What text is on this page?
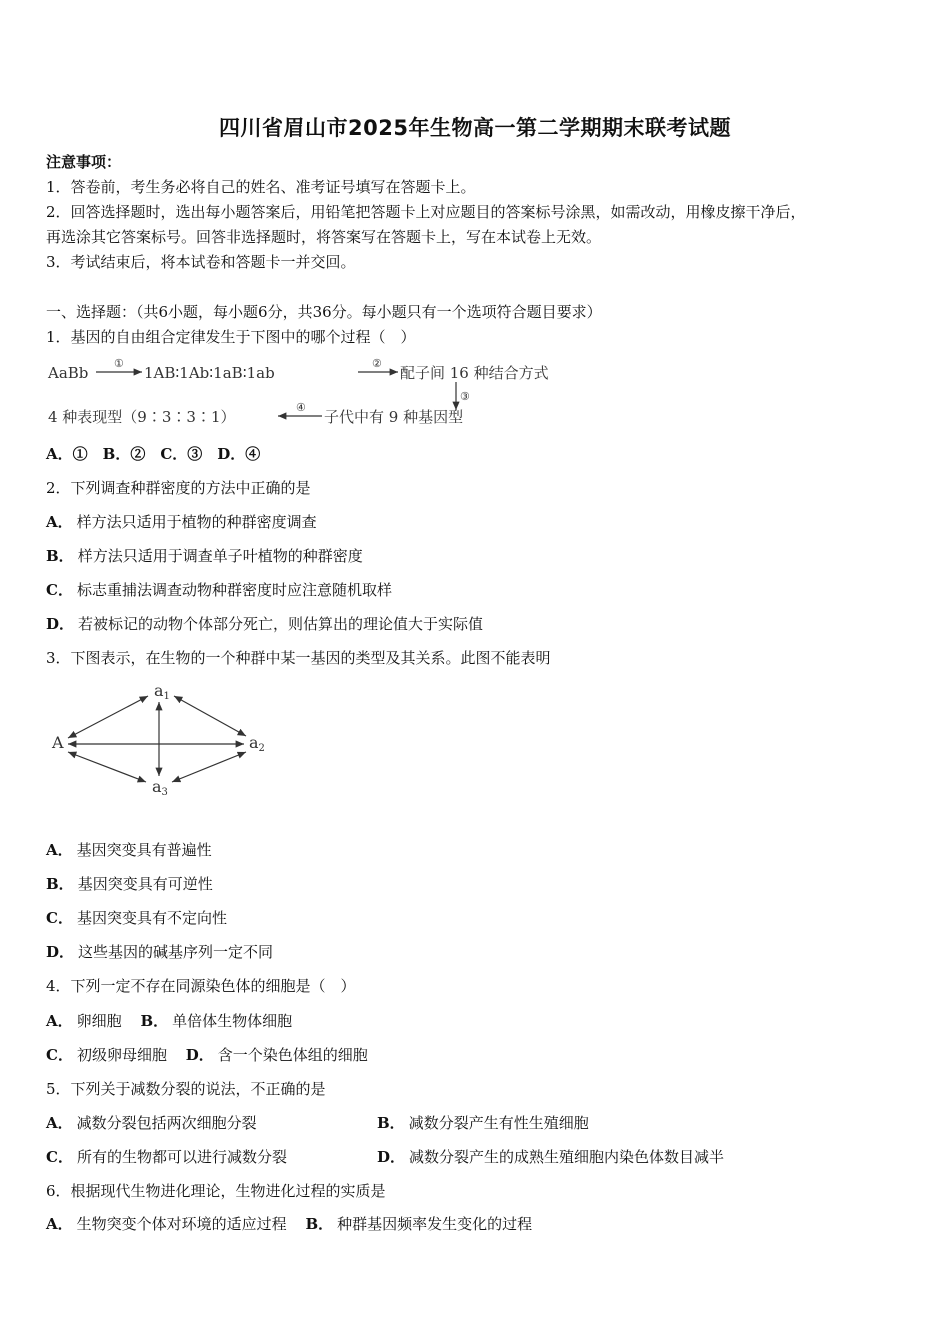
四川省眉山市2025年生物高一第二学期期末联考试题
注意事项：
1．答卷前，考生务必将自己的姓名、准考证号填写在答题卡上。
2．回答选择题时，选出每小题答案后，用铅笔把答题卡上对应题目的答案标号涂黑，如需改动，用橡皮擦干净后，
再选涂其它答案标号。回答非选择题时，将答案写在答题卡上，写在本试卷上无效。
3．考试结束后，将本试卷和答题卡一并交回。
一、选择题：（共6小题，每小题6分，共36分。每小题只有一个选项符合题目要求）
1．基因的自由组合定律发生于下图中的哪个过程（　）
AaBb
①
1AB∶1Ab∶1aB∶1ab
②
配子间 16 种结合方式
③
4 种表现型（9∶3∶3∶1）
④
子代中有 9 种基因型
A．①　B．②　C．③　D．④
2．下列调查种群密度的方法中正确的是
A． 样方法只适用于植物的种群密度调查
B． 样方法只适用于调查单子叶植物的种群密度
C． 标志重捕法调查动物种群密度时应注意随机取样
D． 若被标记的动物个体部分死亡，则估算出的理论值大于实际值
3．下图表示，在生物的一个种群中某一基因的类型及其关系。此图不能表明
a1
A	a2
a3
A． 基因突变具有普遍性
B． 基因突变具有可逆性
C． 基因突变具有不定向性
D． 这些基因的碱基序列一定不同
4．下列一定不存在同源染色体的细胞是（　）
A． 卵细胞 B． 单倍体生物体细胞
C． 初级卵母细胞 D． 含一个染色体组的细胞
5．下列关于减数分裂的说法，不正确的是
A． 减数分裂包括两次细胞分裂	B． 减数分裂产生有性生殖细胞
C． 所有的生物都可以进行减数分裂	D． 减数分裂产生的成熟生殖细胞内染色体数目减半
6．根据现代生物进化理论，生物进化过程的实质是
A． 生物突变个体对环境的适应过程 B． 种群基因频率发生变化的过程
